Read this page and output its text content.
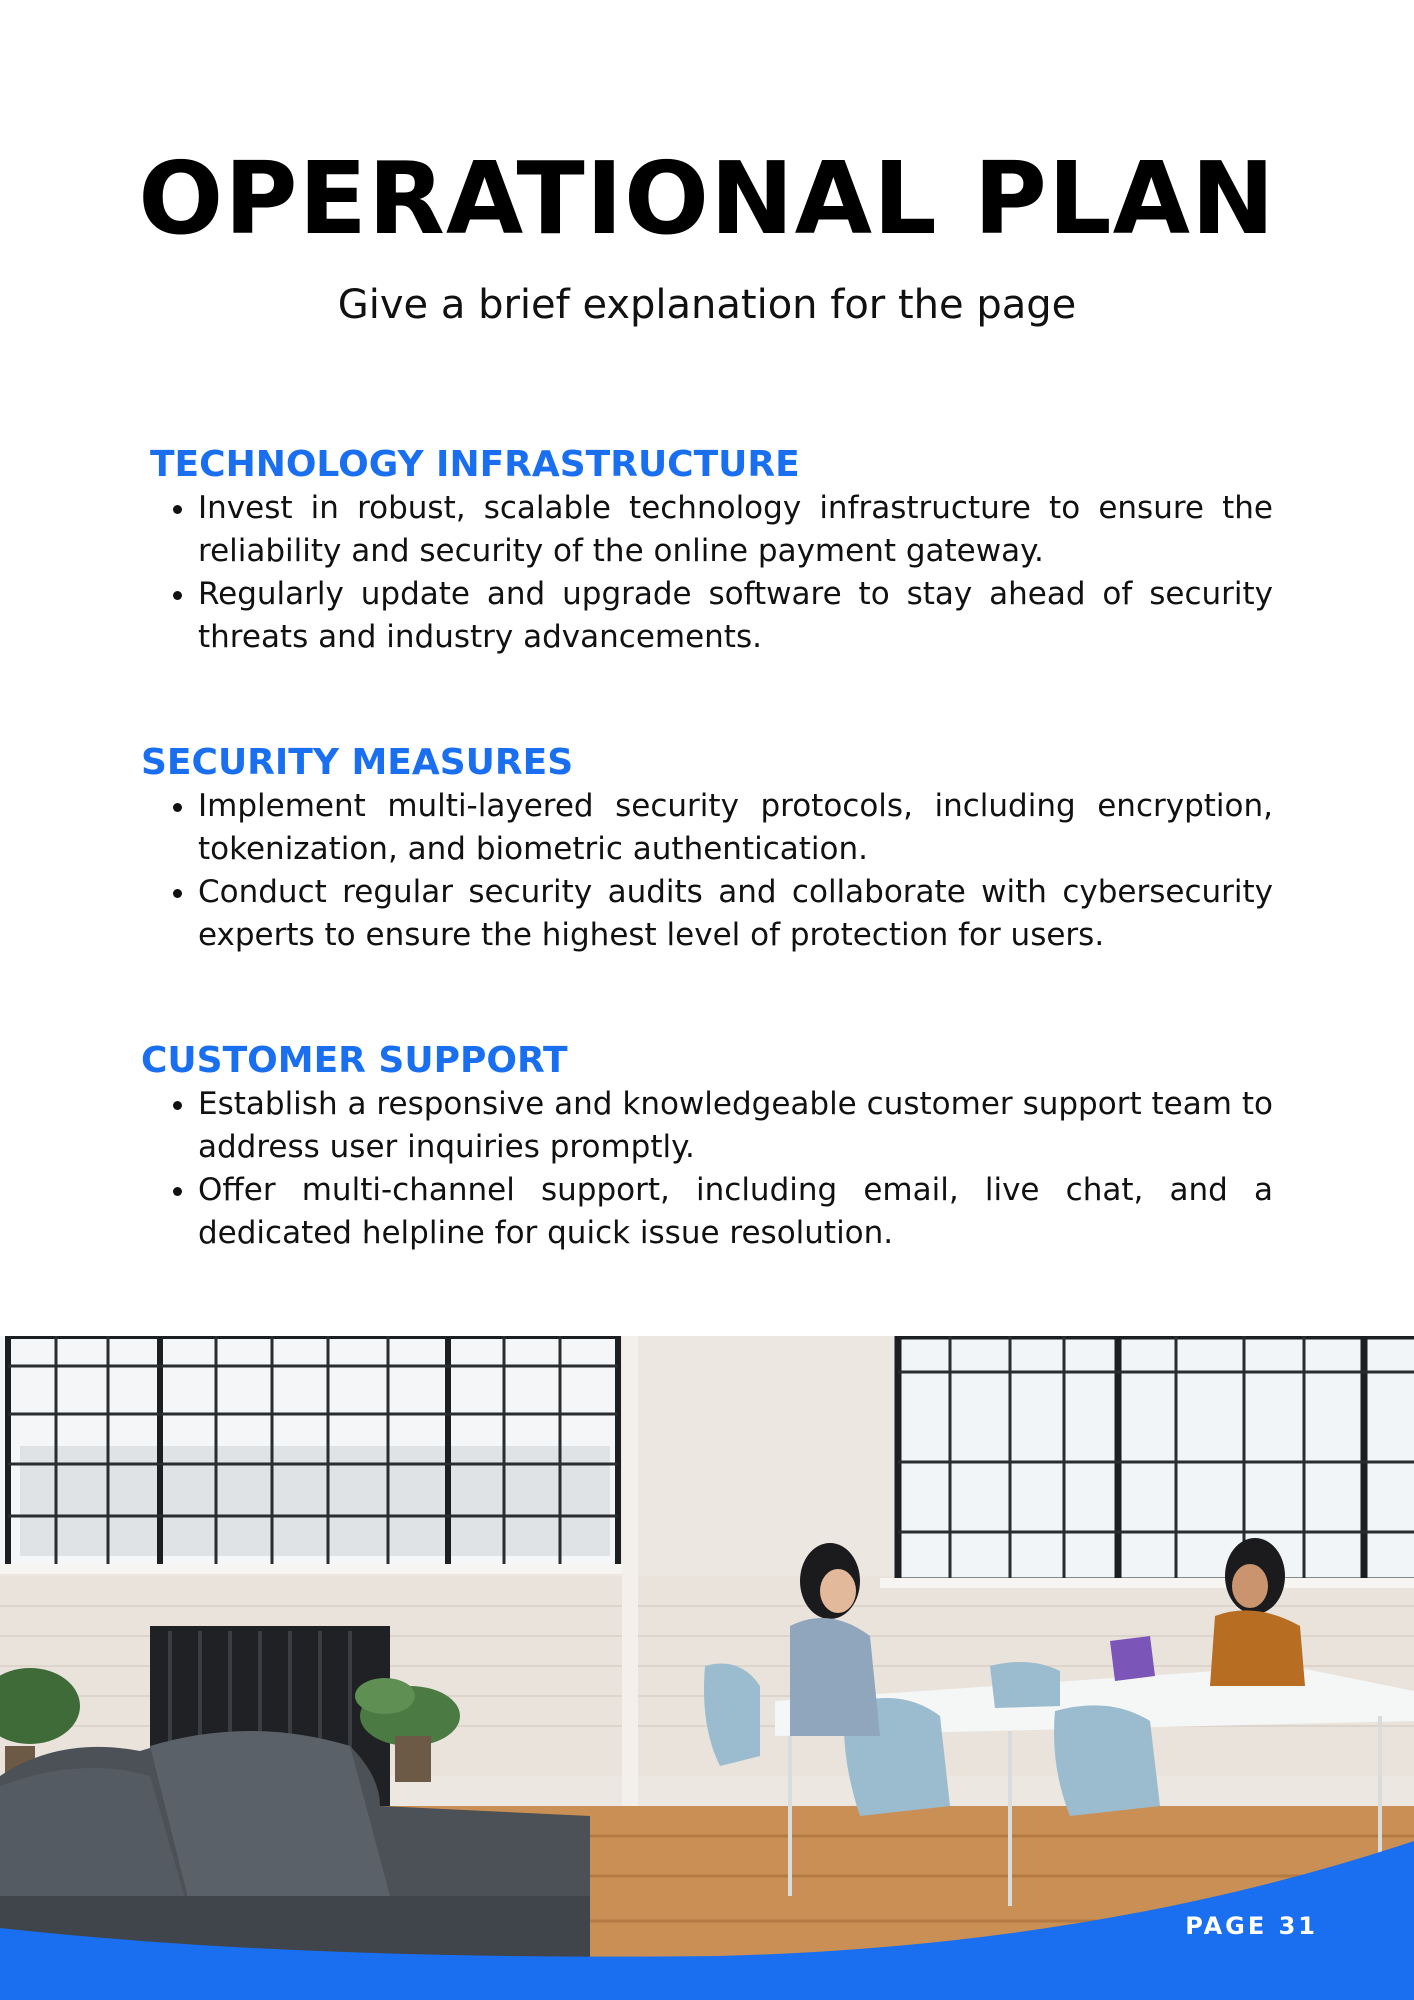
OPERATIONAL PLAN

Give a brief explanation for the page

TECHNOLOGY INFRASTRUCTURE
• Invest in robust, scalable technology infrastructure to ensure the reliability and security of the online payment gateway.
• Regularly update and upgrade software to stay ahead of security threats and industry advancements.
SECURITY MEASURES
• Implement multi-layered security protocols, including encryption, tokenization, and biometric authentication.
• Conduct regular security audits and collaborate with cybersecurity experts to ensure the highest level of protection for users.
CUSTOMER SUPPORT
• Establish a responsive and knowledgeable customer support team to address user inquiries promptly.
• Offer multi-channel support, including email, live chat, and a dedicated helpline for quick issue resolution.
PAGE 31
